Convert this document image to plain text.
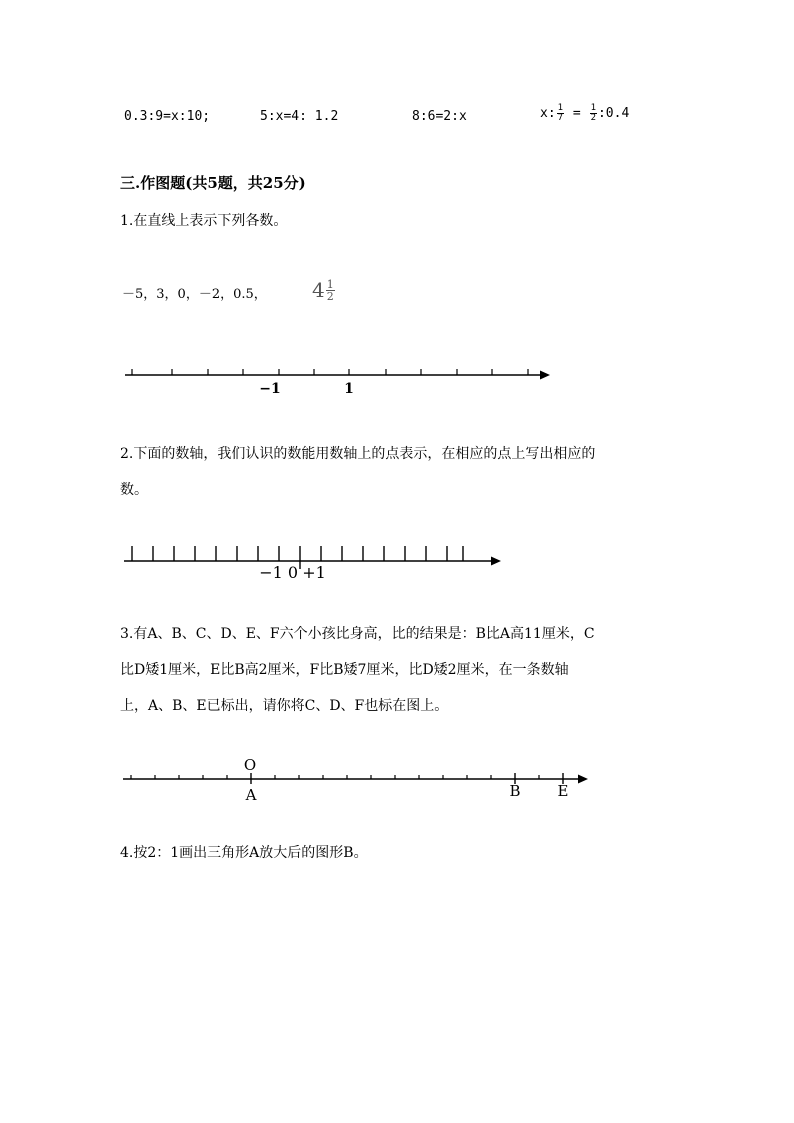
0.3:9=x:10;	5:x=4: 1.2	8:6=2:x	x: $\frac{1}{7} = \frac{1}{2}$ :0.4
三.作图题(共5题，共25分)
1.在直线上表示下列各数。
－5，3，0，－2，0.5， $4 \frac{1}{2}$
2.下面的数轴，我们认识的数能用数轴上的点表示，在相应的点上写出相应的
数。
3.有A、B、C、D、E、F六个小孩比身高，比的结果是：B比A高11厘米，C
比D矮1厘米，E比B高2厘米，F比B矮7厘米，比D矮2厘米，在一条数轴
上，A、B、E已标出，请你将C、D、F也标在图上。
4.按2：1画出三角形A放大后的图形B。
−1	1
−1 0 +1
O
A	B E
